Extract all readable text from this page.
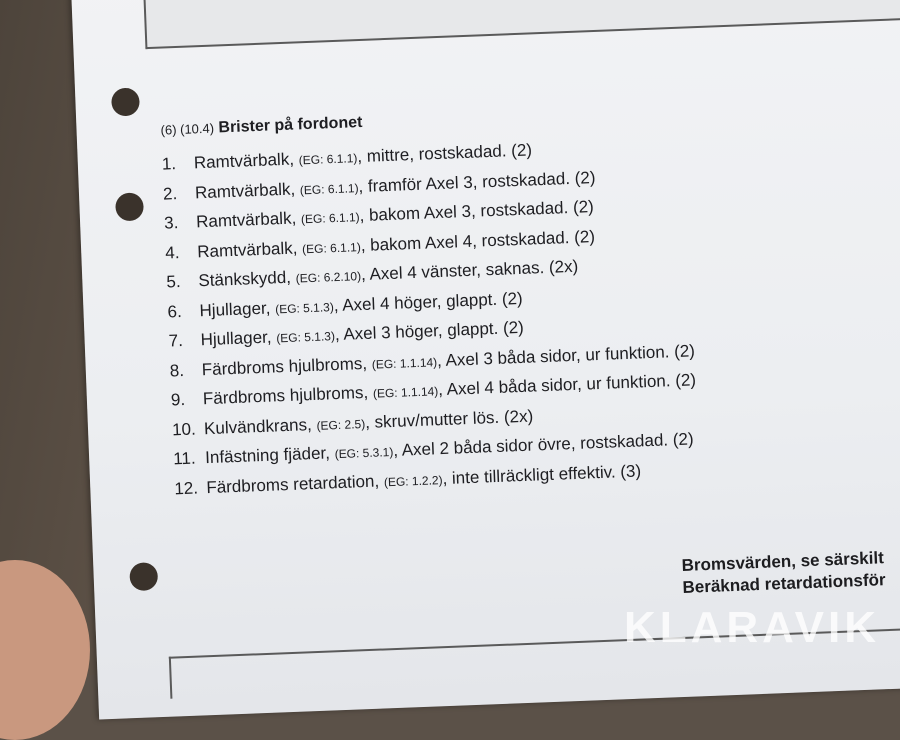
(6) (10.4) Brister på fordonet
1. Ramtvärbalk, (EG: 6.1.1), mittre, rostskadad. (2)
2. Ramtvärbalk, (EG: 6.1.1), framför Axel 3, rostskadad. (2)
3. Ramtvärbalk, (EG: 6.1.1), bakom Axel 3, rostskadad. (2)
4. Ramtvärbalk, (EG: 6.1.1), bakom Axel 4, rostskadad. (2)
5. Stänkskydd, (EG: 6.2.10), Axel 4 vänster, saknas. (2x)
6. Hjullager, (EG: 5.1.3), Axel 4 höger, glappt. (2)
7. Hjullager, (EG: 5.1.3), Axel 3 höger, glappt. (2)
8. Färdbroms hjulbroms, (EG: 1.1.14), Axel 3 båda sidor, ur funktion. (2)
9. Färdbroms hjulbroms, (EG: 1.1.14), Axel 4 båda sidor, ur funktion. (2)
10. Kulvändkrans, (EG: 2.5), skruv/mutter lös. (2x)
11. Infästning fjäder, (EG: 5.3.1), Axel 2 båda sidor övre, rostskadad. (2)
12. Färdbroms retardation, (EG: 1.2.2), inte tillräckligt effektiv. (3)
Bromsvärden, se särskilt
Beräknad retardationsför
KLARAVIK
